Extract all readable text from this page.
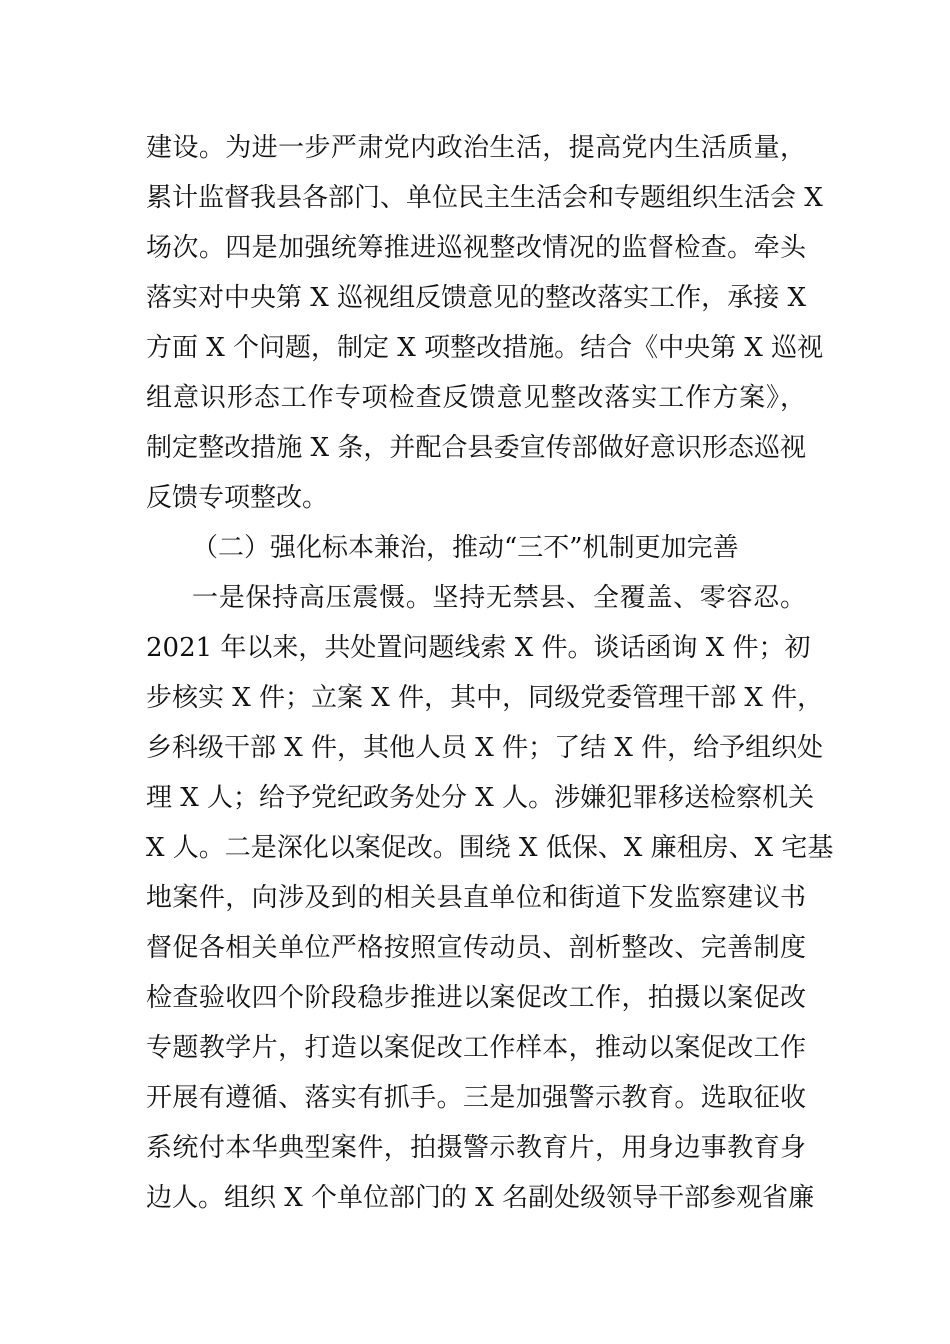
建设。为进一步严肃党内政治生活，提高党内生活质量，
累计监督我县各部门、单位民主生活会和专题组织生活会 X
场次。四是加强统筹推进巡视整改情况的监督检查。牵头
落实对中央第 X 巡视组反馈意见的整改落实工作，承接 X
方面 X 个问题，制定 X 项整改措施。结合《中央第 X 巡视
组意识形态工作专项检查反馈意见整改落实工作方案》，
制定整改措施 X 条，并配合县委宣传部做好意识形态巡视
反馈专项整改。
（二）强化标本兼治，推动“三不”机制更加完善
一是保持高压震慑。坚持无禁县、全覆盖、零容忍。
2021 年以来，共处置问题线索 X 件。谈话函询 X 件；初
步核实 X 件；立案 X 件，其中，同级党委管理干部 X 件，
乡科级干部 X 件，其他人员 X 件；了结 X 件，给予组织处
理 X 人；给予党纪政务处分 X 人。涉嫌犯罪移送检察机关
X 人。二是深化以案促改。围绕 X 低保、X 廉租房、X 宅基
地案件，向涉及到的相关县直单位和街道下发监察建议书
督促各相关单位严格按照宣传动员、剖析整改、完善制度
检查验收四个阶段稳步推进以案促改工作，拍摄以案促改
专题教学片，打造以案促改工作样本，推动以案促改工作
开展有遵循、落实有抓手。三是加强警示教育。选取征收
系统付本华典型案件，拍摄警示教育片，用身边事教育身
边人。组织 X 个单位部门的 X 名副处级领导干部参观省廉
